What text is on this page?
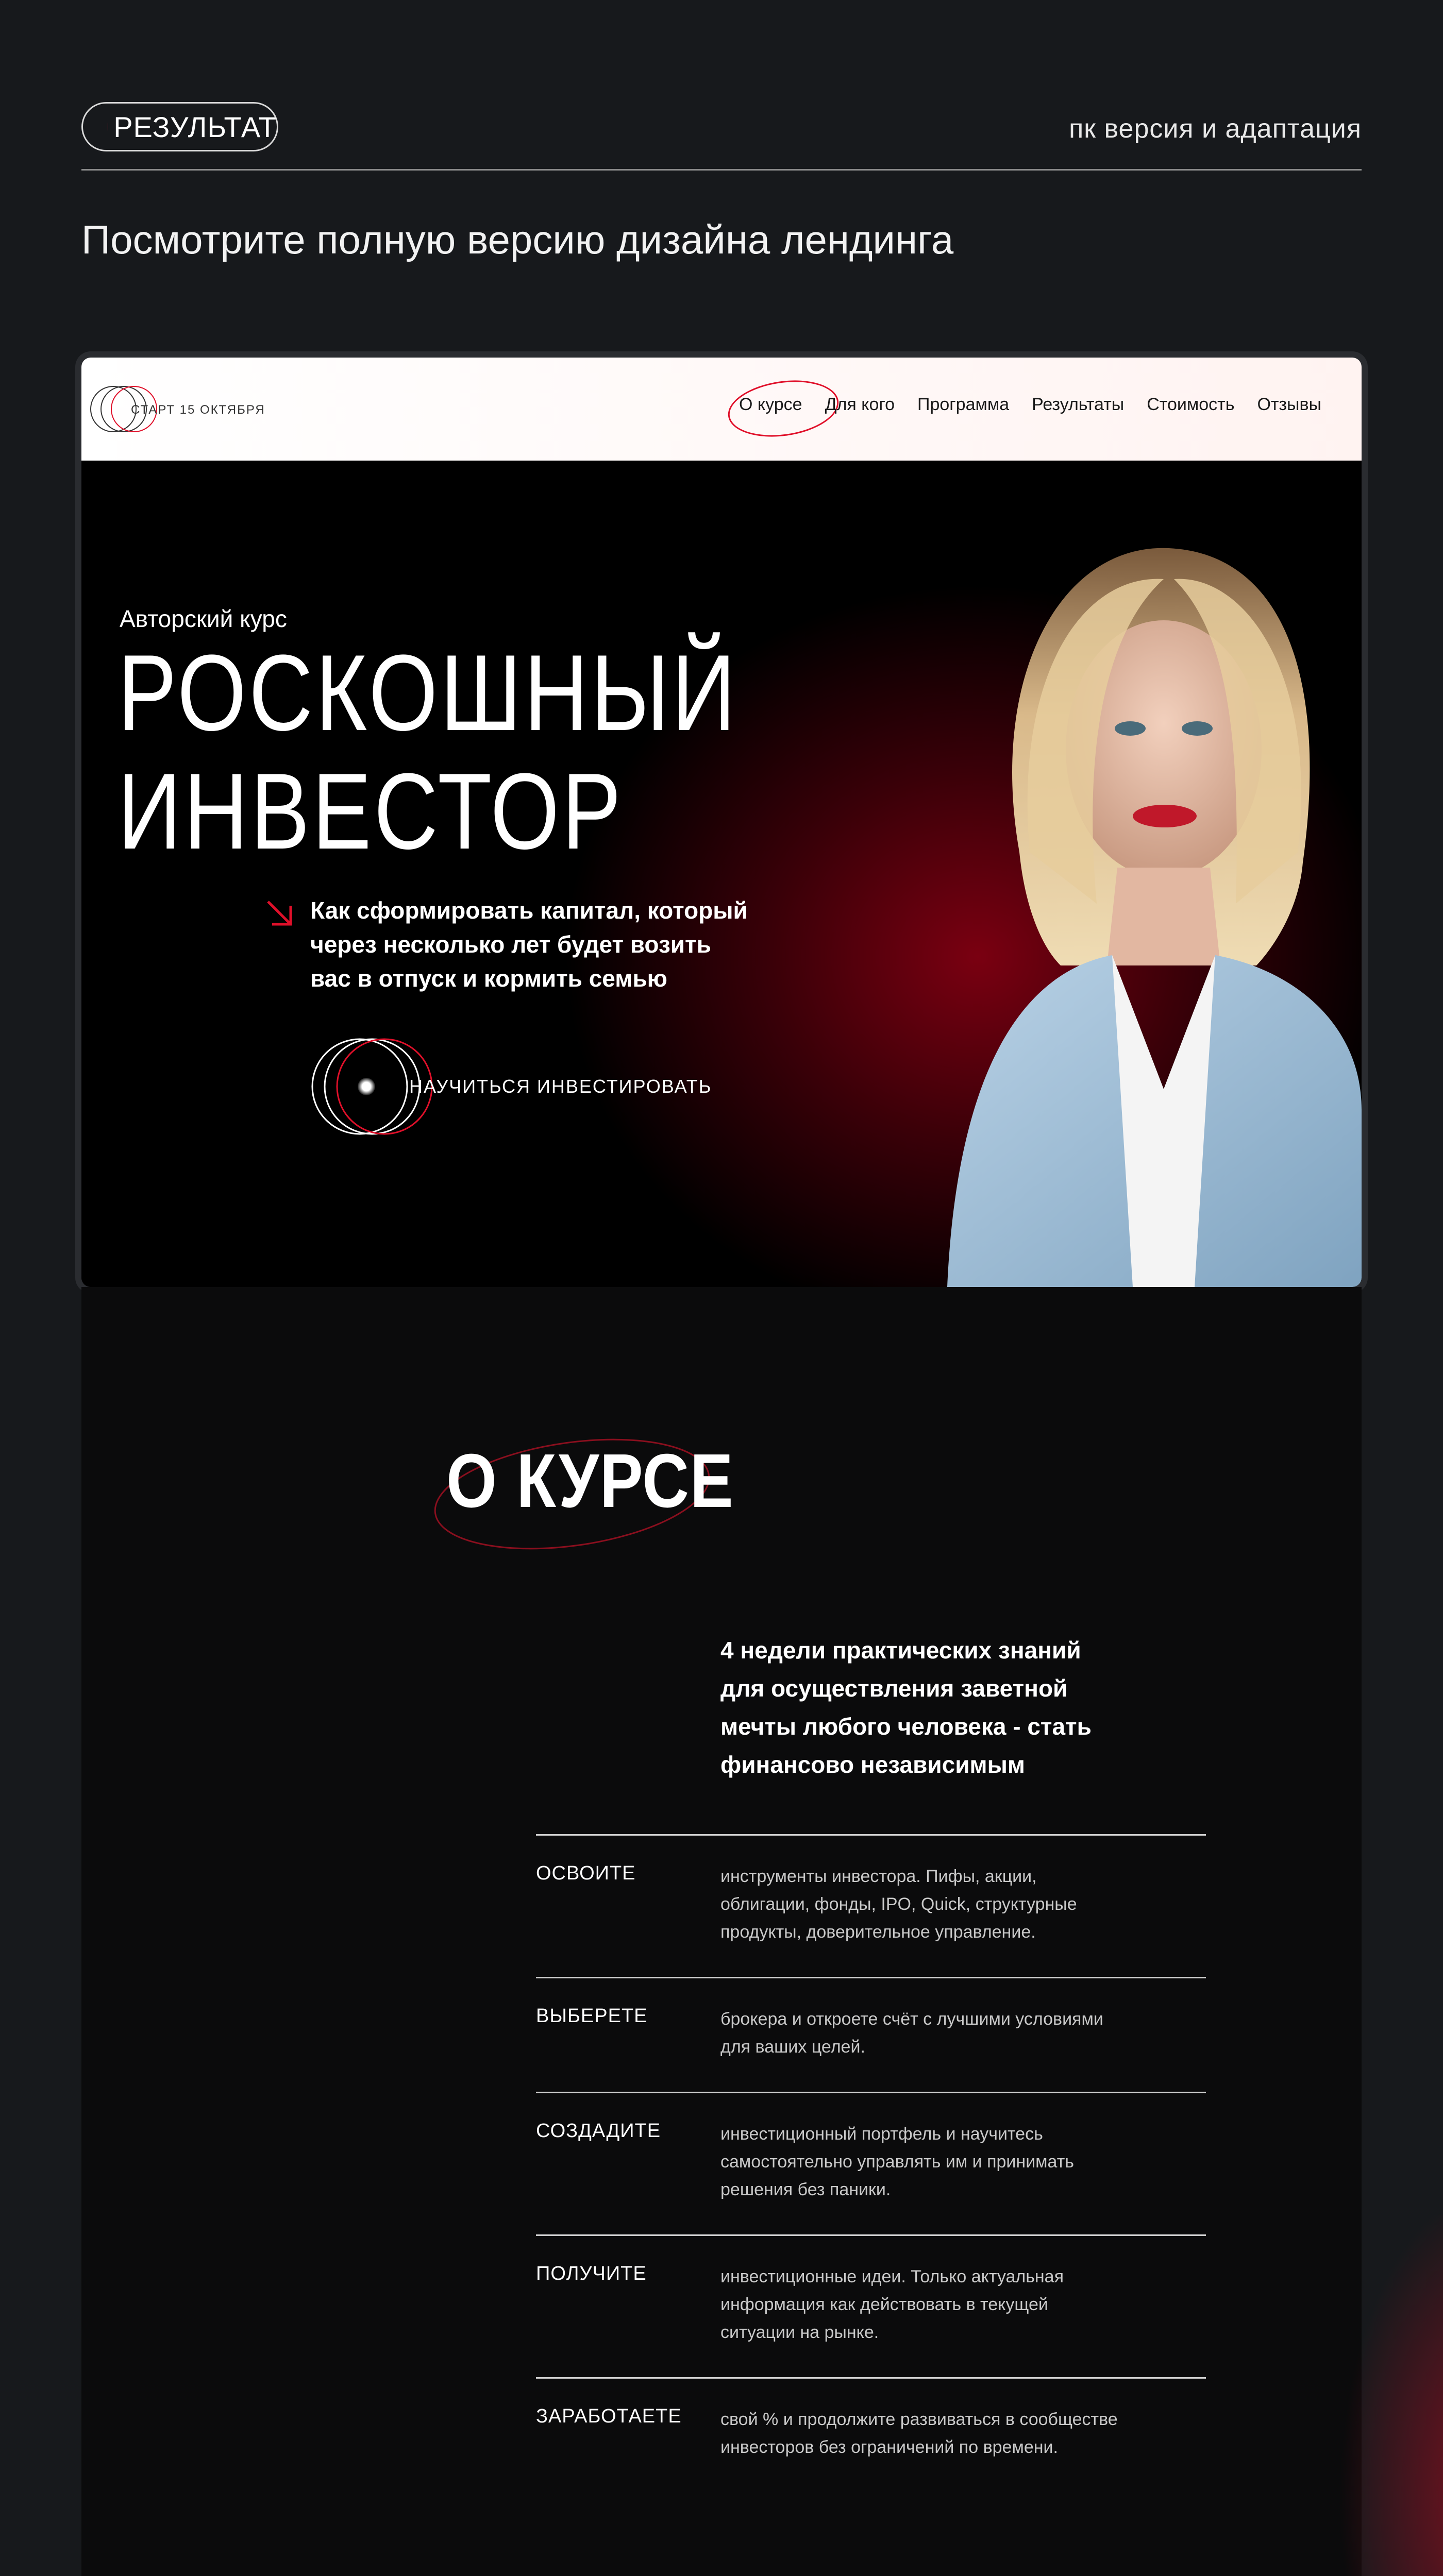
РЕЗУЛЬТАТ	пк версия и адаптация
Посмотрите полную версию дизайна лендинга
СТАРТ 15 ОКТЯБРЯ	О курсе Для кого Программа Результаты Стоимость Отзывы
Авторский курс
РОСКОШНЫЙ
ИНВЕСТОР
Как сформировать капитал, который через несколько лет будет возить вас в отпуск и кормить семью
НАУЧИТЬСЯ ИНВЕСТИРОВАТЬ
О КУРСЕ
4 недели практических знаний для осуществления заветной мечты любого человека - стать финансово независимым
ОСВОИТЕ	инструменты инвестора. Пифы, акции, облигации, фонды, IPO, Quick, структурные продукты, доверительное управление.
ВЫБЕРЕТЕ	брокера и откроете счёт с лучшими условиями для ваших целей.
СОЗДАДИТЕ	инвестиционный портфель и научитесь самостоятельно управлять им и принимать решения без паники.
ПОЛУЧИТЕ	инвестиционные идеи. Только актуальная информация как действовать в текущей ситуации на рынке.
ЗАРАБОТАЕТЕ	свой % и продолжите развиваться в сообществе инвесторов без ограничений по времени.
